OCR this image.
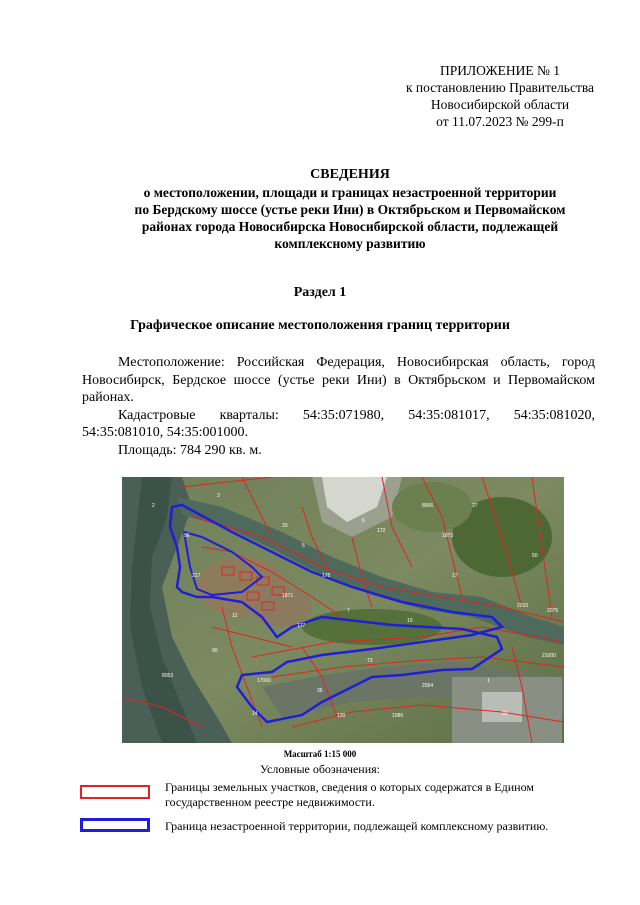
ПРИЛОЖЕНИЕ № 1
к постановлению Правительства
Новосибирской области
от 11.07.2023 № 299-п
СВЕДЕНИЯ
о местоположении, площади и границах незастроенной территории
по Бердскому шоссе (устье реки Ини) в Октябрьском и Первомайском
районах города Новосибирска Новосибирской области, подлежащей
комплексному развитию
Раздел 1
Графическое описание местоположения границ территории

Местоположение: Российская Федерация, Новосибирская область, город Новосибирск, Бердское шоссе (устье реки Ини) в Октябрьском и Первомайском районах.

Кадастровые кварталы: 54:35:071980, 54:35:081017, 54:35:081020,

54:35:081010, 54:35:001000.

Площадь: 784 290 кв. м.

96
33
172
6
1873
178
1871
12
177
17000
36
73
2010
2075
1
20
14	120
217
8006
2
3
5
7
10
17
27
50
90
1086
2064
8053
21000
Масштаб 1:15 000
Условные обозначения:
Границы земельных участков, сведения о которых содержатся в Едином государственном реестре недвижимости.
Граница незастроенной территории, подлежащей комплексному развитию.
